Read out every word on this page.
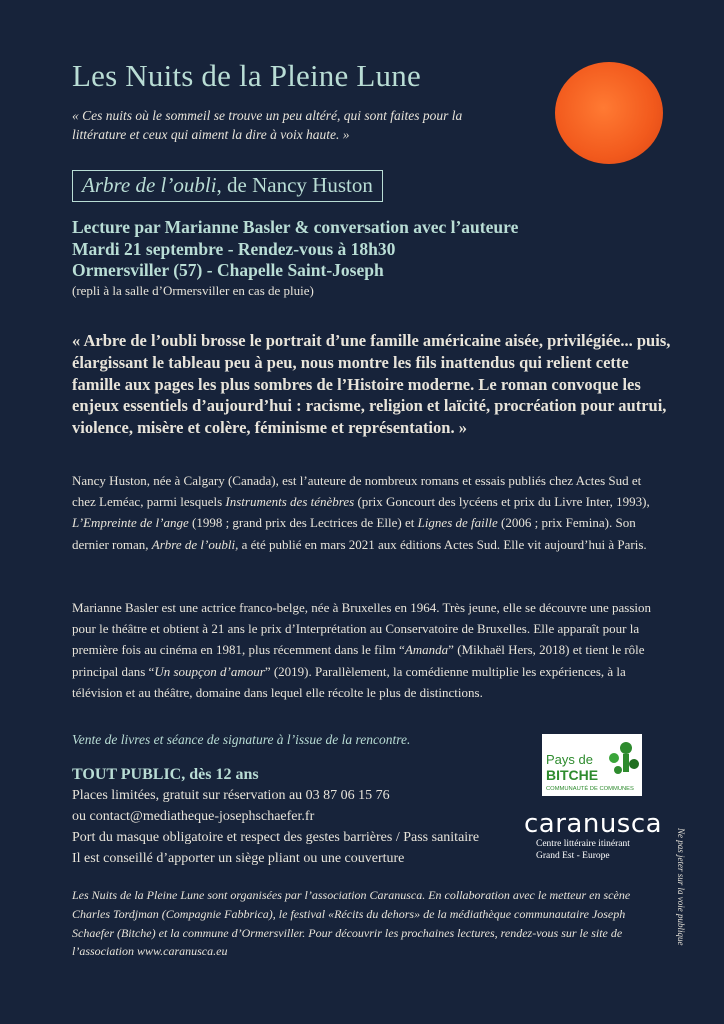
Les Nuits de la Pleine Lune
« Ces nuits où le sommeil se trouve un peu altéré, qui sont faites pour la littérature et ceux qui aiment la dire à voix haute. »
Arbre de l’oubli, de Nancy Huston
Lecture par Marianne Basler & conversation avec l’auteure
Mardi 21 septembre - Rendez-vous à 18h30
Ormersviller (57) - Chapelle Saint-Joseph
(repli à la salle d’Ormersviller en cas de pluie)
« Arbre de l’oubli brosse le portrait d’une famille américaine aisée, privilégiée... puis, élargissant le tableau peu à peu, nous montre les fils inattendus qui relient cette famille aux pages les plus sombres de l’Histoire moderne. Le roman convoque les enjeux essentiels d’aujourd’hui : racisme, religion et laïcité, procréation pour autrui, violence, misère et colère, féminisme et représentation. »
Nancy Huston, née à Calgary (Canada), est l’auteure de nombreux romans et essais publiés chez Actes Sud et chez Leméac, parmi lesquels Instruments des ténèbres (prix Goncourt des lycéens et prix du Livre Inter, 1993), L’Empreinte de l’ange (1998 ; grand prix des Lectrices de Elle) et Lignes de faille (2006 ; prix Femina). Son dernier roman, Arbre de l’oubli, a été publié en mars 2021 aux éditions Actes Sud. Elle vit aujourd’hui à Paris.
Marianne Basler est une actrice franco-belge, née à Bruxelles en 1964. Très jeune, elle se découvre une passion pour le théâtre et obtient à 21 ans le prix d’Interprétation au Conservatoire de Bruxelles. Elle apparaît pour la première fois au cinéma en 1981, plus récemment dans le film “Amanda” (Mikhaël Hers, 2018) et tient le rôle principal dans “Un soupçon d’amour” (2019). Parallèlement, la comédienne multiplie les expériences, à la télévision et au théâtre, domaine dans lequel elle récolte le plus de distinctions.
Vente de livres et séance de signature à l’issue de la rencontre.
TOUT PUBLIC, dès 12 ans
Places limitées, gratuit sur réservation au 03 87 06 15 76
ou contact@mediatheque-josephschaefer.fr
Port du masque obligatoire et respect des gestes barrières / Pass sanitaire
Il est conseillé d’apporter un siège pliant ou une couverture
Pays de
BITCHE
COMMUNAUTÉ DE COMMUNES
caranusca
Centre littéraire itinérant
Grand Est - Europe
Les Nuits de la Pleine Lune sont organisées par l’association Caranusca. En collaboration avec le metteur en scène Charles Tordjman (Compagnie Fabbrica), le festival «Récits du dehors» de la médiathèque communautaire Joseph Schaefer (Bitche) et la commune d’Ormersviller. Pour découvrir les prochaines lectures, rendez-vous sur le site de l’association www.caranusca.eu
Ne pas jeter sur la voie publique
